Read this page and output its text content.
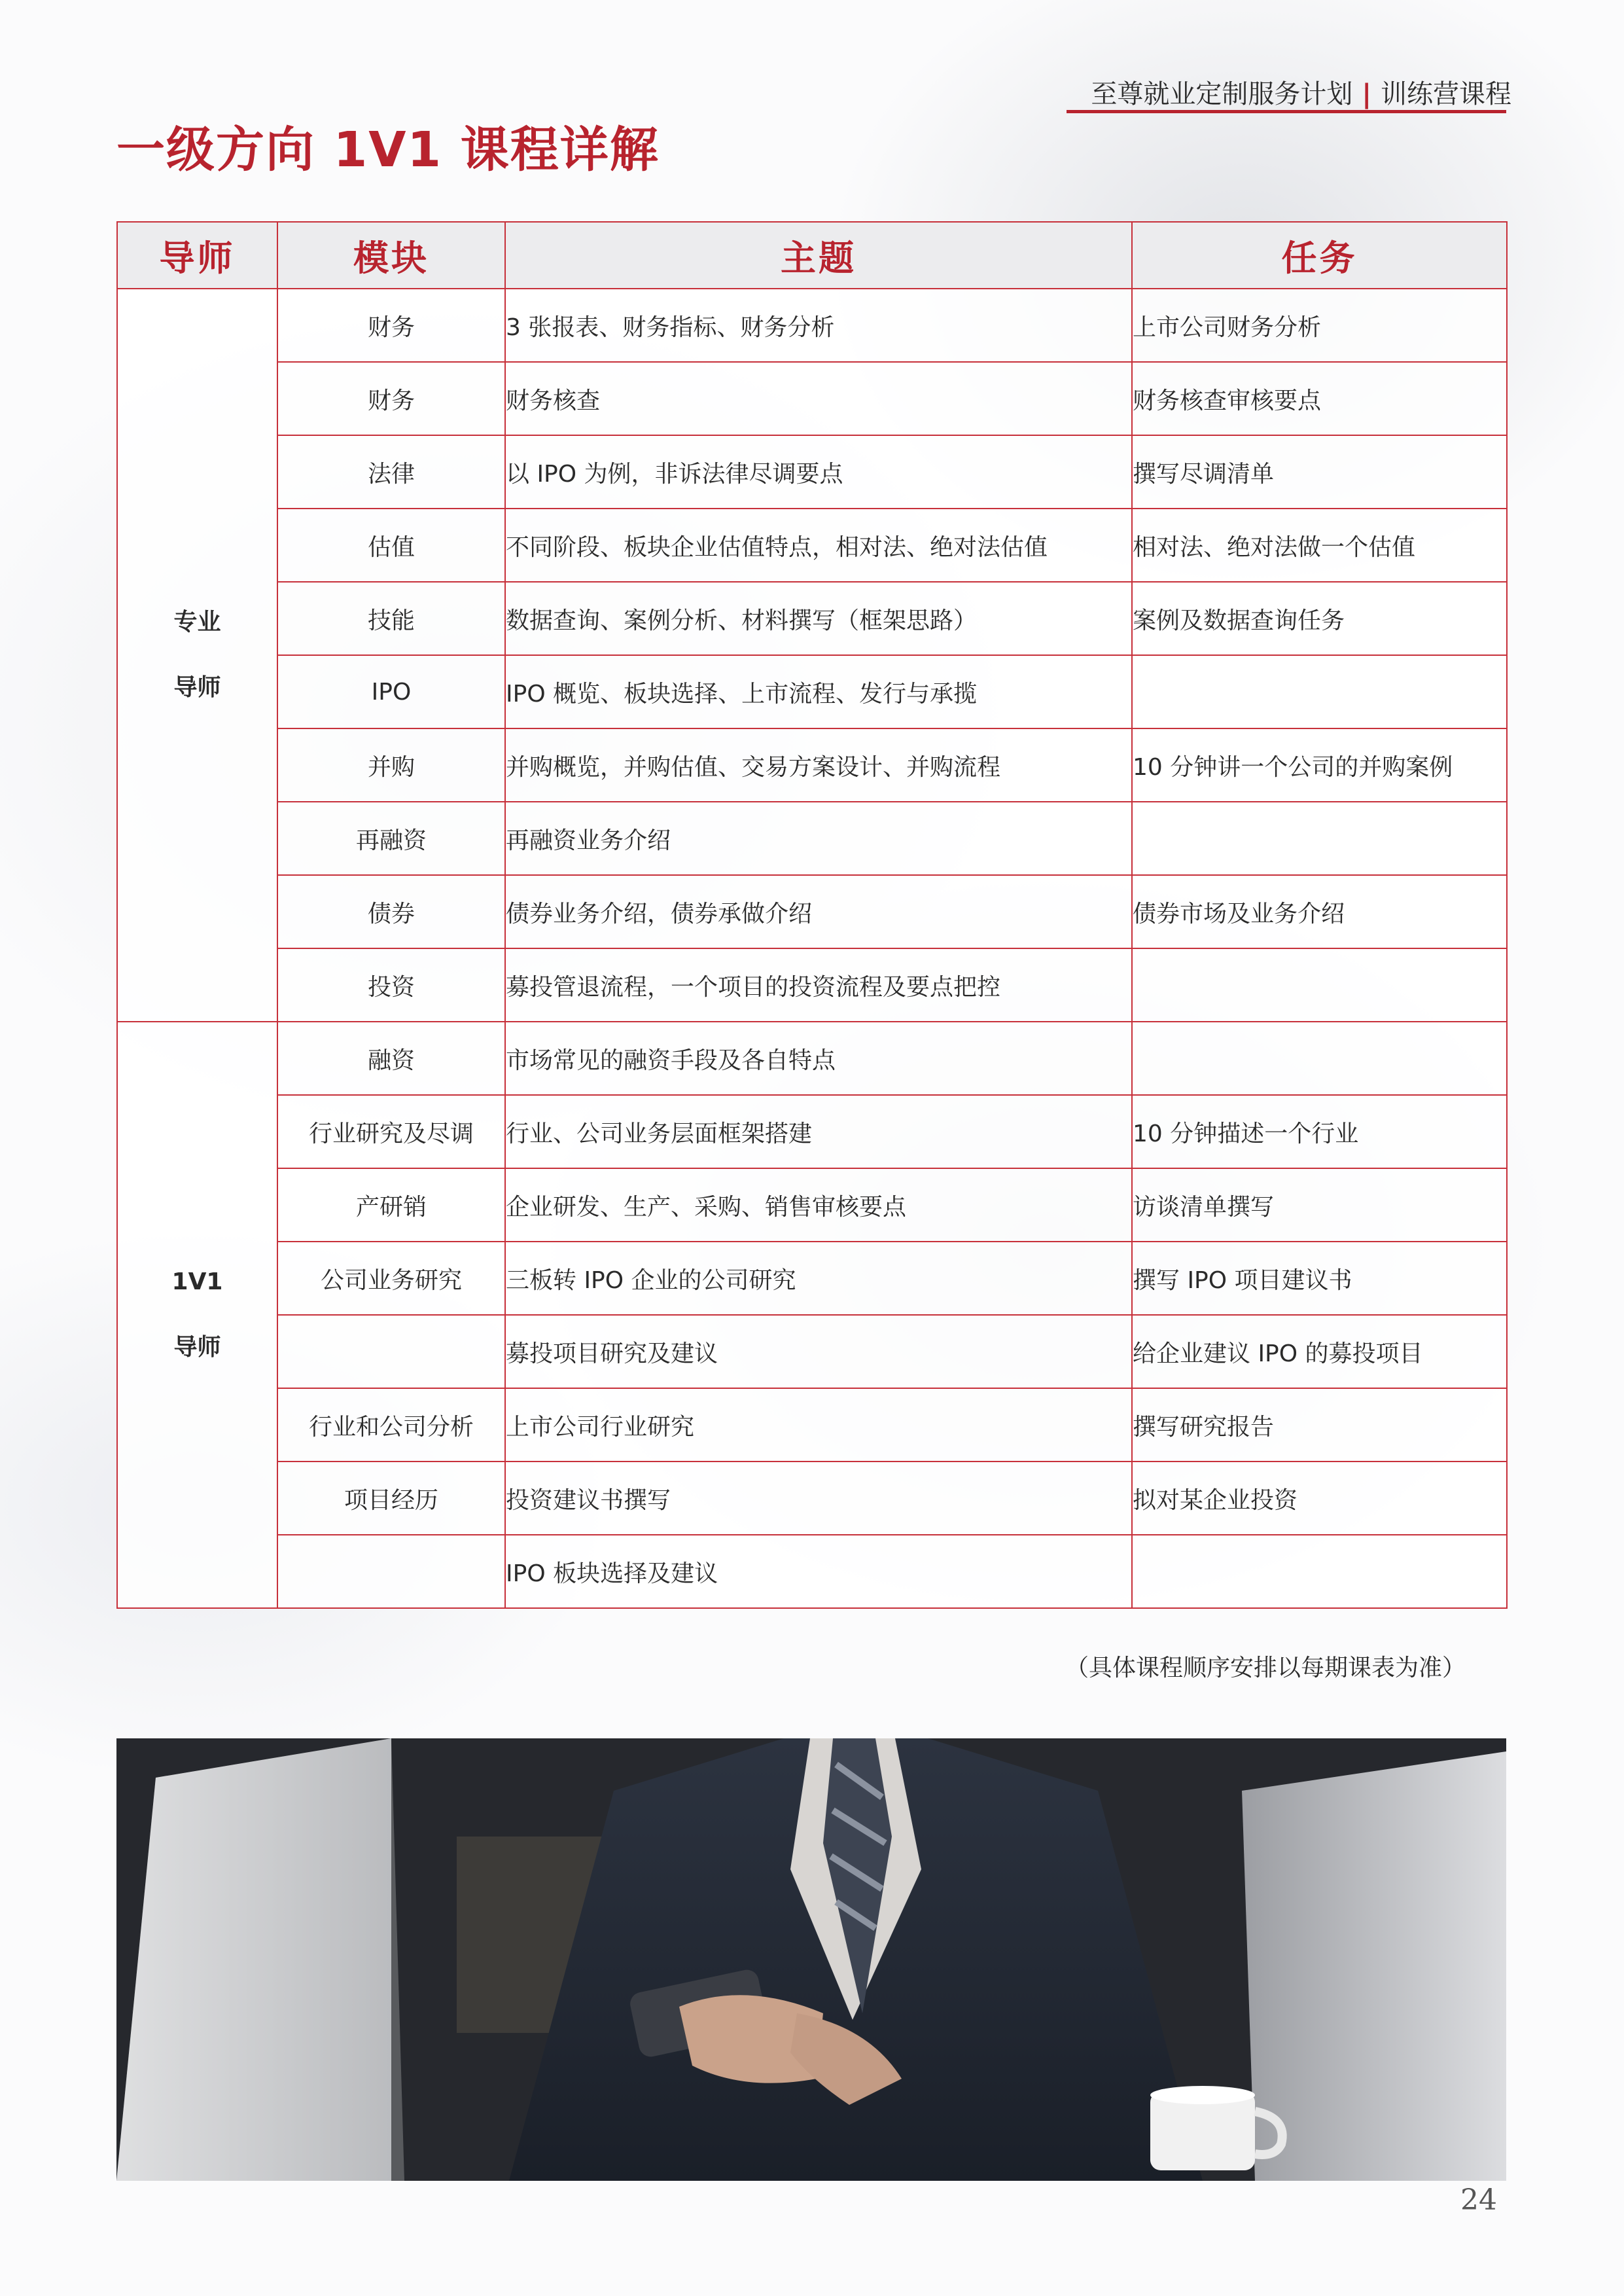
至尊就业定制服务计划 | 训练营课程
一级方向 1V1 课程详解
导师	模块	主题	任务

专业
导师	财务	3 张报表、财务指标、财务分析	上市公司财务分析
	财务	财务核查	财务核查审核要点
	法律	以 IPO 为例，非诉法律尽调要点	撰写尽调清单
	估值	不同阶段、板块企业估值特点，相对法、绝对法估值	相对法、绝对法做一个估值
	技能	数据查询、案例分析、材料撰写（框架思路）	案例及数据查询任务
	IPO	IPO 概览、板块选择、上市流程、发行与承揽	
	并购	并购概览，并购估值、交易方案设计、并购流程	10 分钟讲一个公司的并购案例
	再融资	再融资业务介绍	
	债券	债券业务介绍，债券承做介绍	债券市场及业务介绍
	投资	募投管退流程，一个项目的投资流程及要点把控	

1V1
导师	融资	市场常见的融资手段及各自特点	
	行业研究及尽调	行业、公司业务层面框架搭建	10 分钟描述一个行业
	产研销	企业研发、生产、采购、销售审核要点	访谈清单撰写
	公司业务研究	三板转 IPO 企业的公司研究	撰写 IPO 项目建议书
		募投项目研究及建议	给企业建议 IPO 的募投项目
	行业和公司分析	上市公司行业研究	撰写研究报告
	项目经历	投资建议书撰写	拟对某企业投资
		IPO 板块选择及建议	
（具体课程顺序安排以每期课表为准）
24
